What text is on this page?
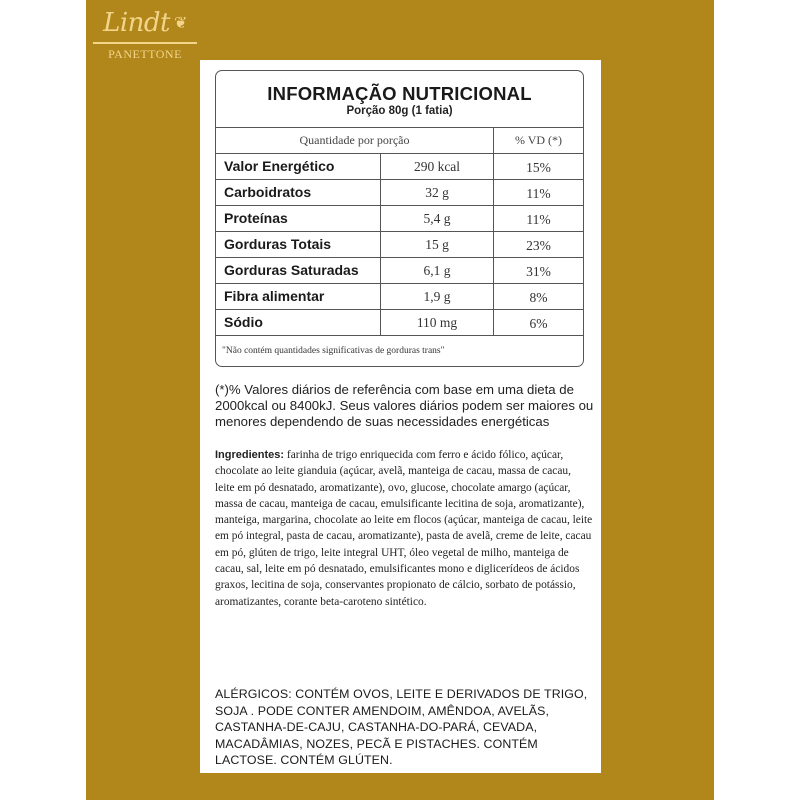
Lindt ❦
PANETTONE
INFORMAÇÃO NUTRICIONAL
Porção 80g (1 fatia)
Quantidade por porção	% VD (*)
Valor Energético	290 kcal	15%
Carboidratos	32 g	11%
Proteínas	5,4 g	11%
Gorduras Totais	15 g	23%
Gorduras Saturadas	6,1 g	31%
Fibra alimentar	1,9 g	8%
Sódio	110 mg	6%
"Não contém quantidades significativas de gorduras trans"
(*)% Valores diários de referência com base em uma dieta de 2000kcal ou 8400kJ. Seus valores diários podem ser maiores ou menores dependendo de suas necessidades energéticas
Ingredientes: farinha de trigo enriquecida com ferro e ácido fólico, açúcar, chocolate ao leite gianduia (açúcar, avelã, manteiga de cacau, massa de cacau, leite em pó desnatado, aromatizante), ovo, glucose, chocolate amargo (açúcar, massa de cacau, manteiga de cacau, emulsificante lecitina de soja, aromatizante), manteiga, margarina, chocolate ao leite em flocos (açúcar, manteiga de cacau, leite em pó integral, pasta de cacau, aromatizante), pasta de avelã, creme de leite, cacau em pó, glúten de trigo, leite integral UHT, óleo vegetal de milho, manteiga de cacau, sal, leite em pó desnatado, emulsificantes mono e diglicerídeos de ácidos graxos, lecitina de soja, conservantes propionato de cálcio, sorbato de potássio, aromatizantes, corante beta-caroteno sintético.
ALÉRGICOS: CONTÉM OVOS, LEITE E DERIVADOS DE TRIGO, SOJA . PODE CONTER AMENDOIM, AMÊNDOA, AVELÃS, CASTANHA-DE-CAJU, CASTANHA-DO-PARÁ, CEVADA, MACADÂMIAS, NOZES, PECÃ E PISTACHES. CONTÉM LACTOSE. CONTÉM GLÚTEN.
